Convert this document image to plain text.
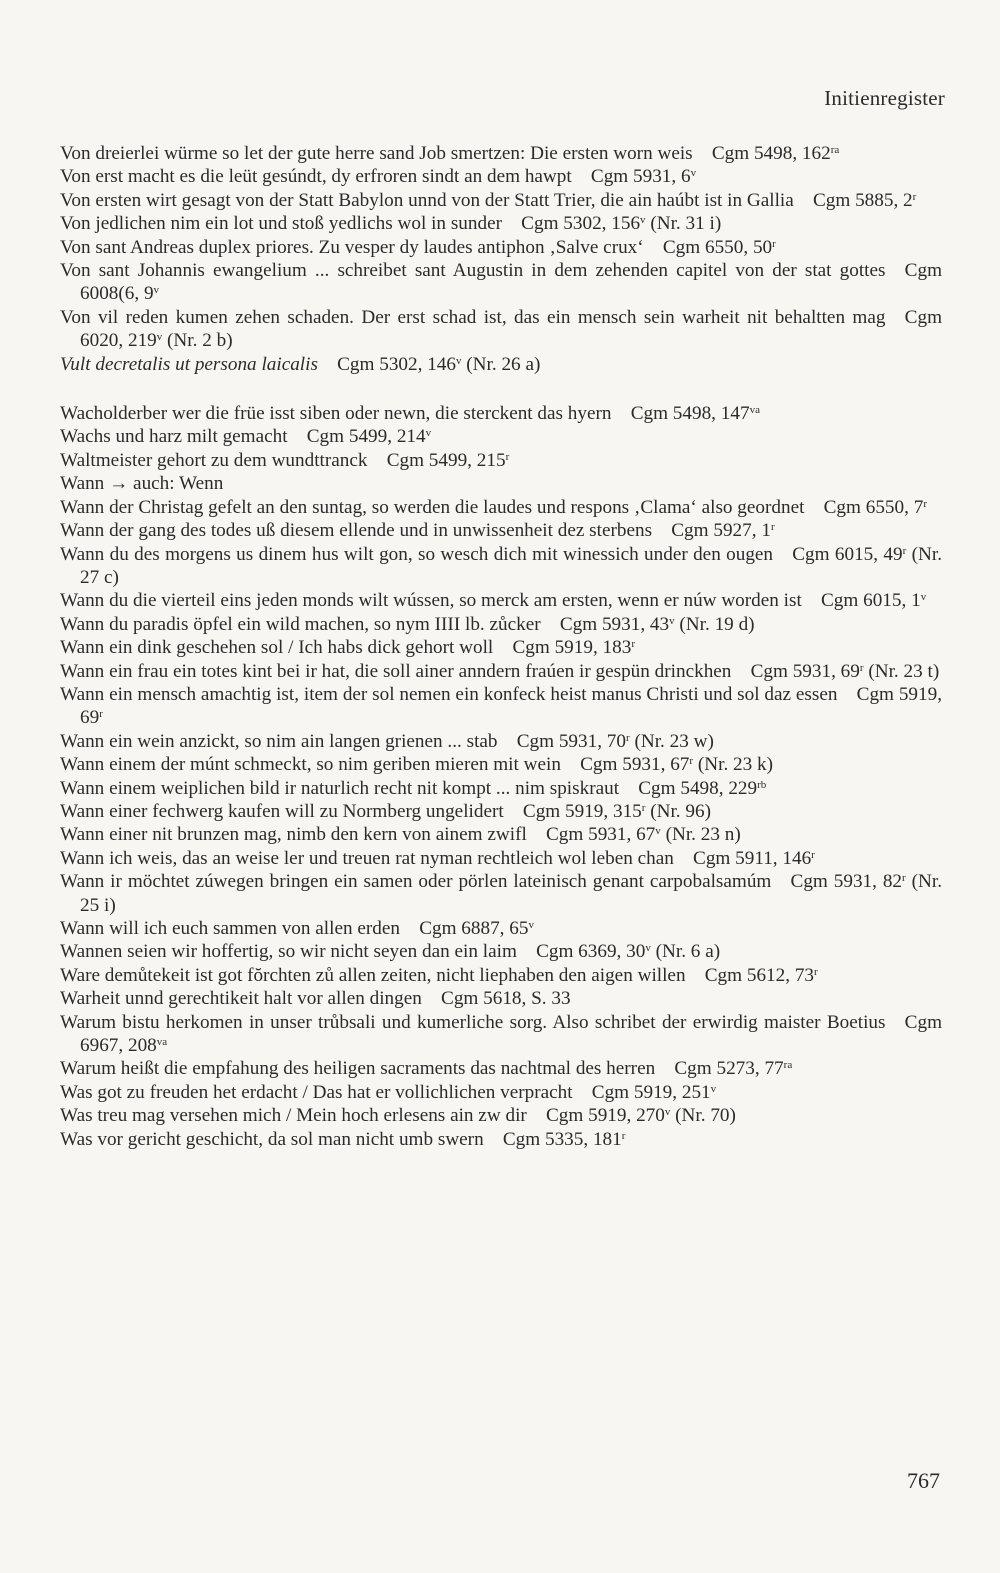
Initienregister

Von dreierlei würme so let der gute herre sand Job smertzen: Die ersten worn weis  Cgm 5498, $162^{ra}$

Von erst macht es die leüt gesúndt, dy erfroren sindt an dem hawpt  Cgm 5931, 6$^v$

Von ersten wirt gesagt von der Statt Babylon unnd von der Statt Trier, die ain haúbt ist in Gallia  Cgm 5885, 2$^r$

Von jedlichen nim ein lot und stoß yedlichs wol in sunder  Cgm 5302, 156$^v$ (Nr. 31 i)

Von sant Andreas duplex priores. Zu vesper dy laudes antiphon ‚Salve crux‘  Cgm 6550, 50$^r$

Von sant Johannis ewangelium ... schreibet sant Augustin in dem zehenden capitel von der stat gottes  Cgm 6008(6, 9$^v$

Von vil reden kumen zehen schaden. Der erst schad ist, das ein mensch sein warheit nit behaltten mag  Cgm 6020, 219$^v$ (Nr. 2 b)

Vult decretalis ut persona laicalis  Cgm 5302, 146$^v$ (Nr. 26 a)

Wacholderber wer die früe isst siben oder newn, die sterckent das hyern  Cgm 5498, $147^{va}$

Wachs und harz milt gemacht  Cgm 5499, 214$^v$

Waltmeister gehort zu dem wundttranck  Cgm 5499, 215$^r$

Wann → auch: Wenn

Wann der Christag gefelt an den suntag, so werden die laudes und respons ‚Clama‘ also geordnet  Cgm 6550, 7$^r$

Wann der gang des todes uß diesem ellende und in unwissenheit dez sterbens  Cgm 5927, 1$^r$

Wann du des morgens us dinem hus wilt gon, so wesch dich mit winessich under den ougen  Cgm 6015, 49$^r$ (Nr. 27 c)

Wann du die vierteil eins jeden monds wilt wússen, so merck am ersten, wenn er núw worden ist  Cgm 6015, 1$^v$

Wann du paradis öpfel ein wild machen, so nym IIII lb. zůcker  Cgm 5931, 43$^v$ (Nr. 19 d)

Wann ein dink geschehen sol / Ich habs dick gehort woll  Cgm 5919, 183$^r$

Wann ein frau ein totes kint bei ir hat, die soll ainer anndern fraúen ir gespün drinckhen  Cgm 5931, 69$^r$ (Nr. 23 t)

Wann ein mensch amachtig ist, item der sol nemen ein konfeck heist manus Christi und sol daz essen  Cgm 5919, 69$^r$

Wann ein wein anzickt, so nim ain langen grienen ... stab  Cgm 5931, 70$^r$ (Nr. 23 w)

Wann einem der múnt schmeckt, so nim geriben mieren mit wein  Cgm 5931, 67$^r$ (Nr. 23 k)

Wann einem weiplichen bild ir naturlich recht nit kompt ... nim spiskraut  Cgm 5498, $229^{rb}$

Wann einer fechwerg kaufen will zu Normberg ungelidert  Cgm 5919, 315$^r$ (Nr. 96)

Wann einer nit brunzen mag, nimb den kern von ainem zwifl  Cgm 5931, 67$^v$ (Nr. 23 n)

Wann ich weis, das an weise ler und treuen rat nyman rechtleich wol leben chan  Cgm 5911, 146$^r$

Wann ir möchtet zúwegen bringen ein samen oder pörlen lateinisch genant carpobalsamúm  Cgm 5931, 82$^r$ (Nr. 25 i)

Wann will ich euch sammen von allen erden  Cgm 6887, 65$^v$

Wannen seien wir hoffertig, so wir nicht seyen dan ein laim  Cgm 6369, 30$^v$ (Nr. 6 a)

Ware demůtekeit ist got fŏrchten zů allen zeiten, nicht liephaben den aigen willen  Cgm 5612, 73$^r$

Warheit unnd gerechtikeit halt vor allen dingen  Cgm 5618, S. 33

Warum bistu herkomen in unser trůbsali und kumerliche sorg. Also schribet der erwirdig maister Boetius  Cgm 6967, $208^{va}$

Warum heißt die empfahung des heiligen sacraments das nachtmal des herren  Cgm 5273, $77^{ra}$

Was got zu freuden het erdacht / Das hat er vollichlichen verpracht  Cgm 5919, 251$^v$

Was treu mag versehen mich / Mein hoch erlesens ain zw dir  Cgm 5919, 270$^v$ (Nr. 70)

Was vor gericht geschicht, da sol man nicht umb swern  Cgm 5335, 181$^r$

767
